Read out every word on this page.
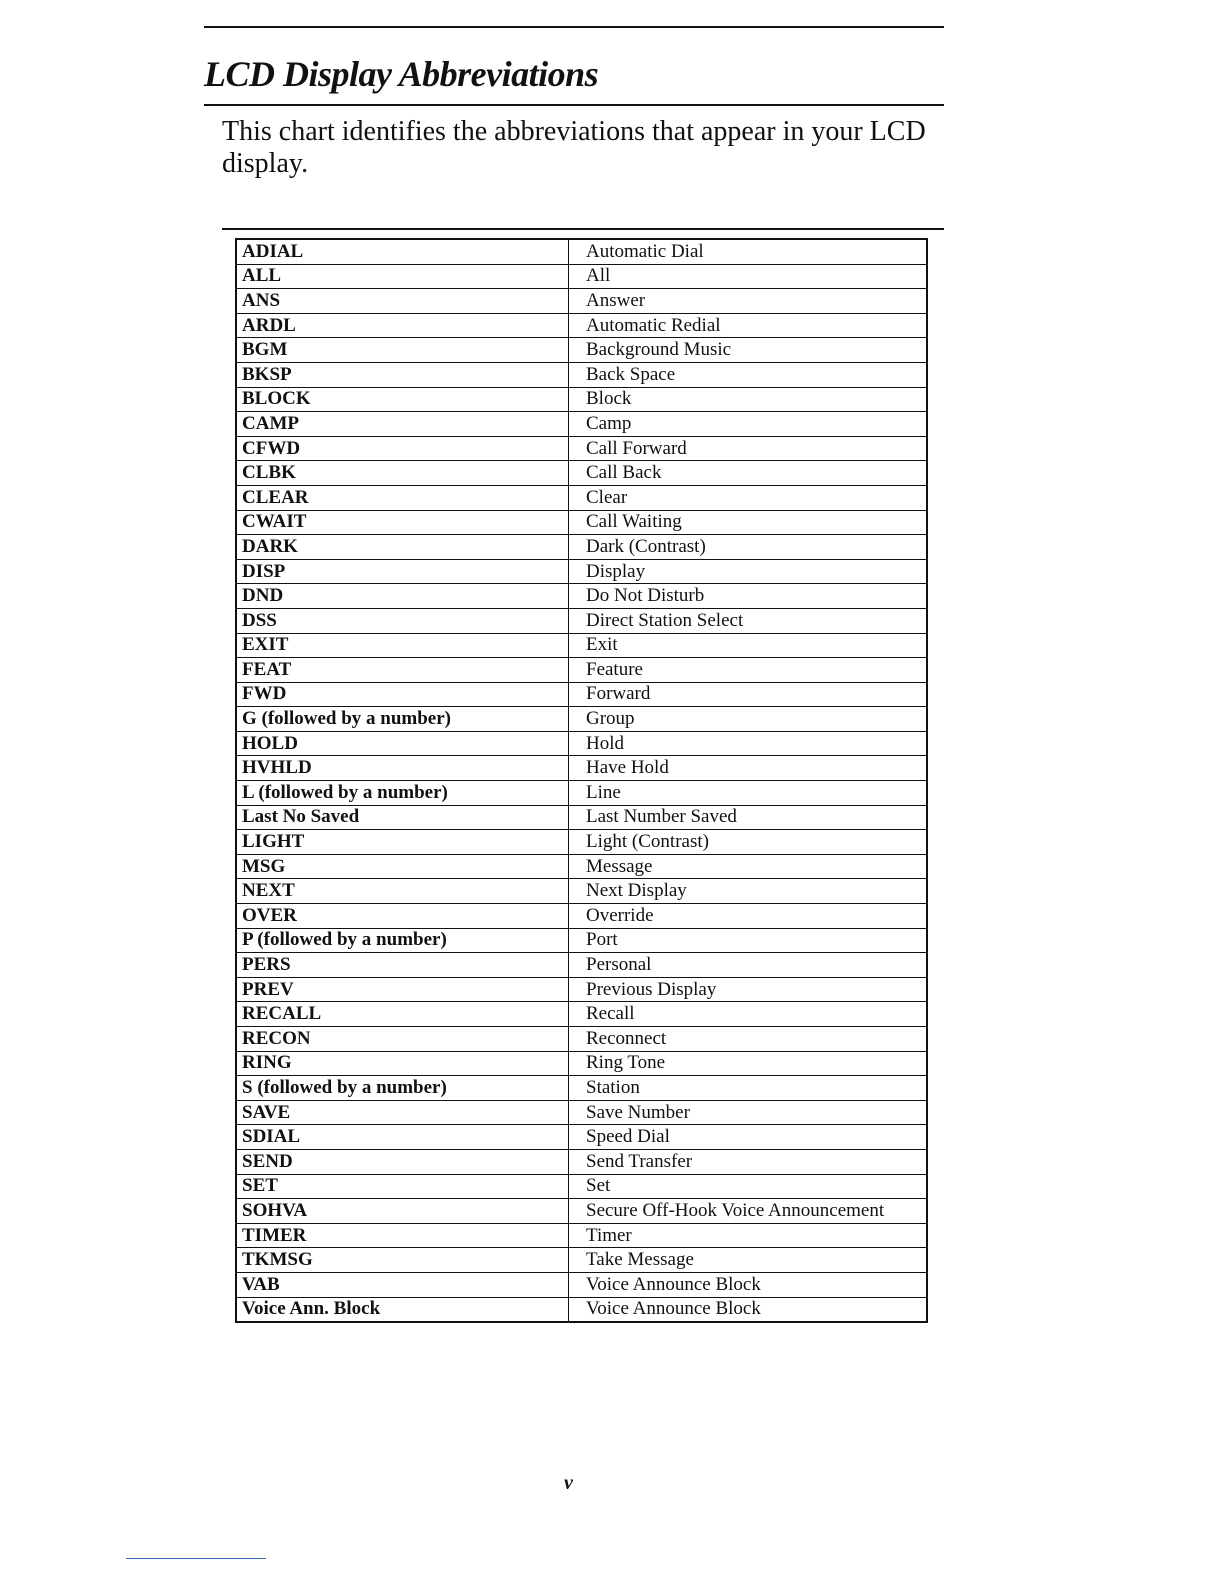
LCD Display Abbreviations

This chart identifies the abbreviations that appear in your LCD display.

ADIAL	Automatic Dial
ALL	All
ANS	Answer
ARDL	Automatic Redial
BGM	Background Music
BKSP	Back Space
BLOCK	Block
CAMP	Camp
CFWD	Call Forward
CLBK	Call Back
CLEAR	Clear
CWAIT	Call Waiting
DARK	Dark (Contrast)
DISP	Display
DND	Do Not Disturb
DSS	Direct Station Select
EXIT	Exit
FEAT	Feature
FWD	Forward
G (followed by a number)	Group
HOLD	Hold
HVHLD	Have Hold
L (followed by a number)	Line
Last No Saved	Last Number Saved
LIGHT	Light (Contrast)
MSG	Message
NEXT	Next Display
OVER	Override
P (followed by a number)	Port
PERS	Personal
PREV	Previous Display
RECALL	Recall
RECON	Reconnect
RING	Ring Tone
S (followed by a number)	Station
SAVE	Save Number
SDIAL	Speed Dial
SEND	Send Transfer
SET	Set
SOHVA	Secure Off-Hook Voice Announcement
TIMER	Timer
TKMSG	Take Message
VAB	Voice Announce Block
Voice Ann. Block	Voice Announce Block
v
